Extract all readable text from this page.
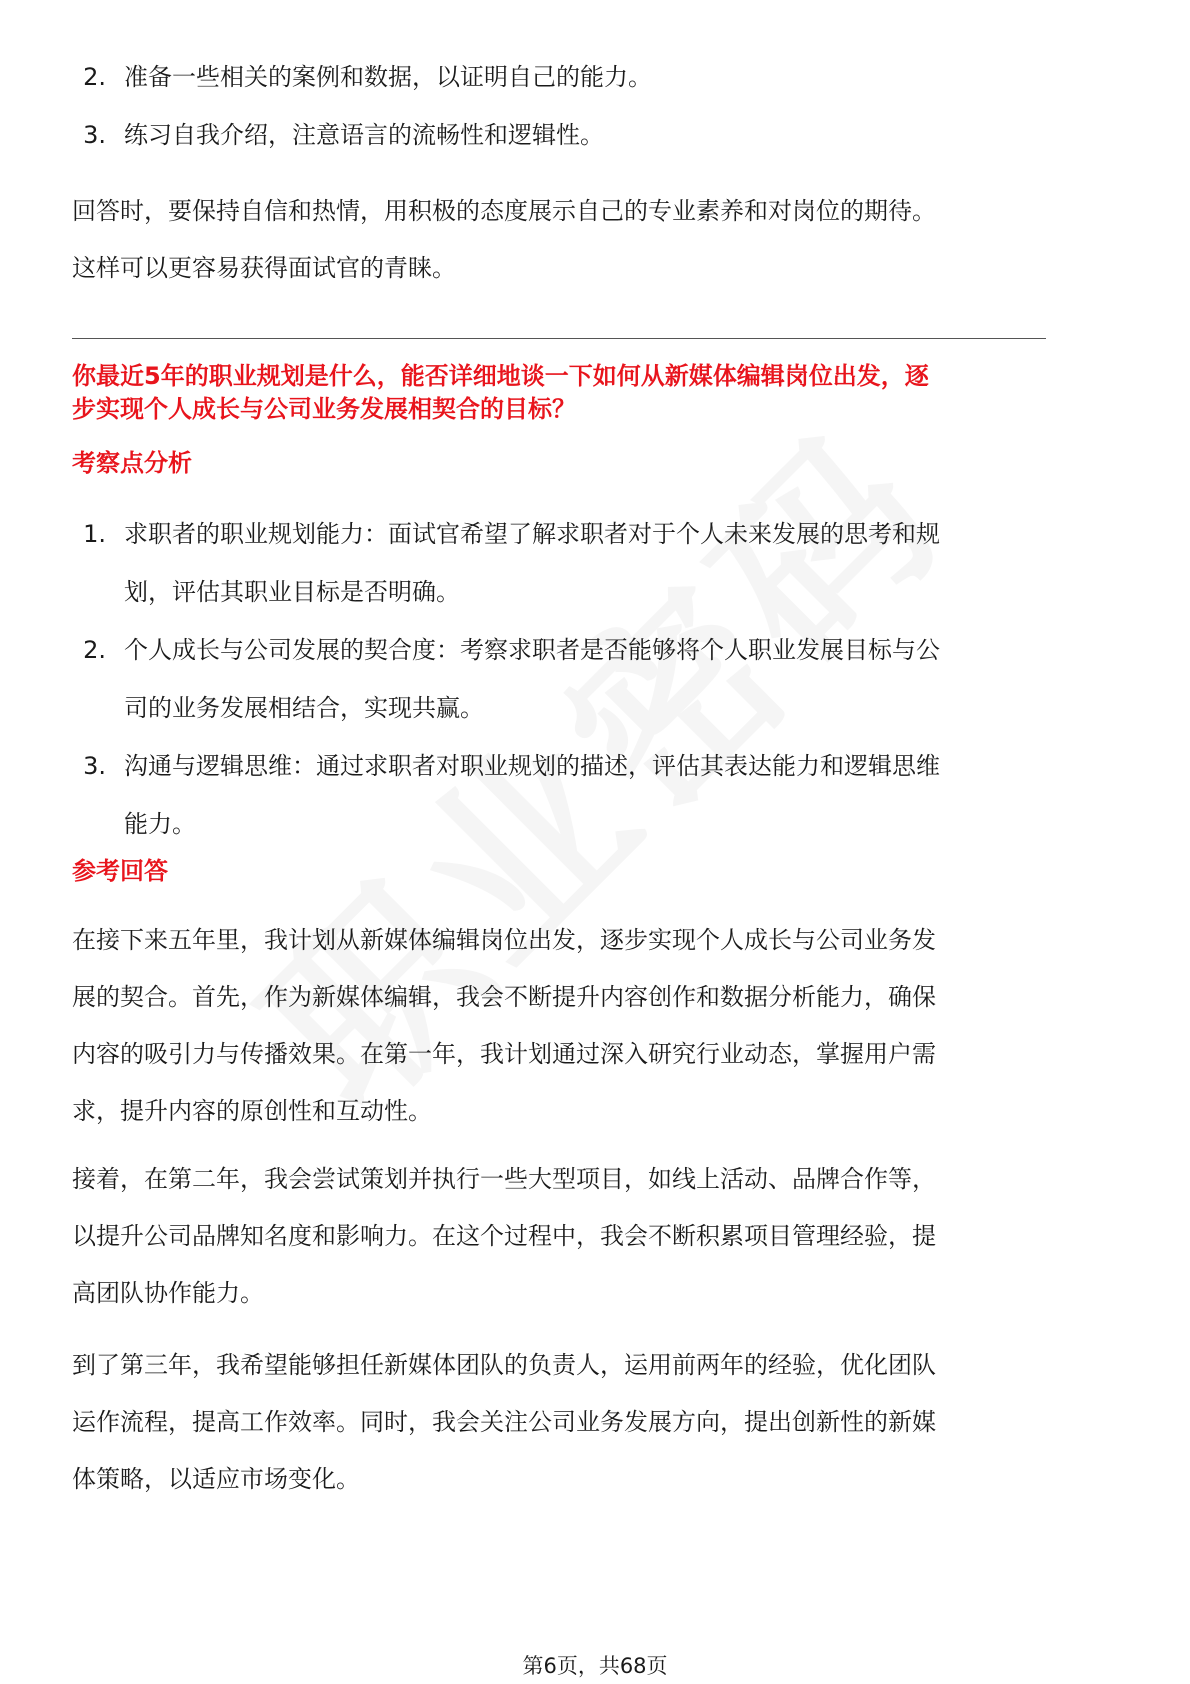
2. 准备一些相关的案例和数据，以证明自己的能力。
3. 练习自我介绍，注意语言的流畅性和逻辑性。

回答时，要保持自信和热情，用积极的态度展示自己的专业素养和对岗位的期待。

这样可以更容易获得面试官的青睐。

你最近5年的职业规划是什么，能否详细地谈一下如何从新媒体编辑岗位出发，逐

步实现个人成长与公司业务发展相契合的目标？

考察点分析

1. 求职者的职业规划能力：面试官希望了解求职者对于个人未来发展的思考和规
划，评估其职业目标是否明确。
2. 个人成长与公司发展的契合度：考察求职者是否能够将个人职业发展目标与公
司的业务发展相结合，实现共赢。
3. 沟通与逻辑思维：通过求职者对职业规划的描述，评估其表达能力和逻辑思维
能力。

参考回答

在接下来五年里，我计划从新媒体编辑岗位出发，逐步实现个人成长与公司业务发

展的契合。首先，作为新媒体编辑，我会不断提升内容创作和数据分析能力，确保

内容的吸引力与传播效果。在第一年，我计划通过深入研究行业动态，掌握用户需

求，提升内容的原创性和互动性。

接着，在第二年，我会尝试策划并执行一些大型项目，如线上活动、品牌合作等，

以提升公司品牌知名度和影响力。在这个过程中，我会不断积累项目管理经验，提

高团队协作能力。

到了第三年，我希望能够担任新媒体团队的负责人，运用前两年的经验，优化团队

运作流程，提高工作效率。同时，我会关注公司业务发展方向，提出创新性的新媒

体策略，以适应市场变化。

第6页，共68页
